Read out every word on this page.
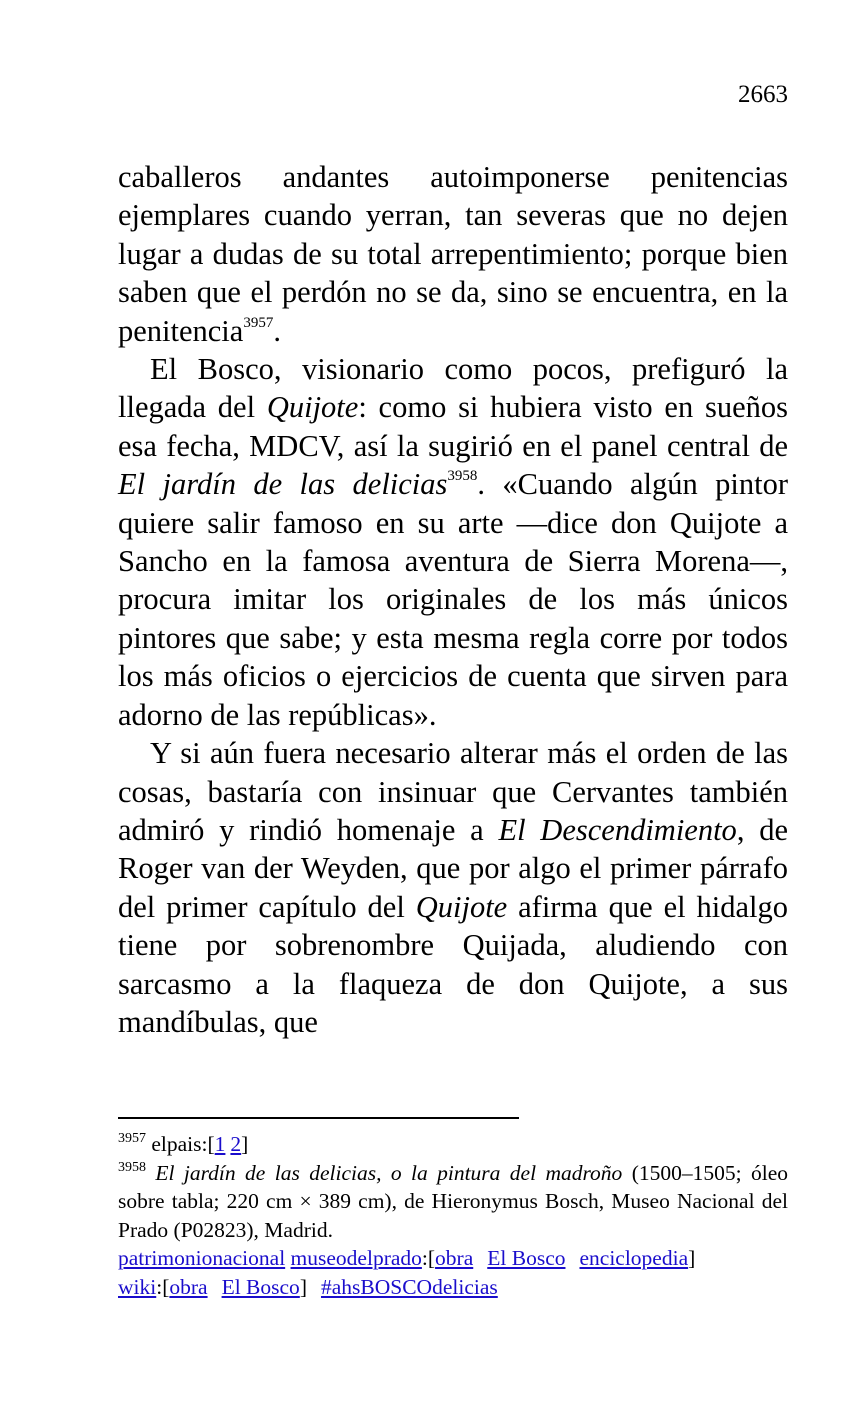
2663

caballeros andantes autoimponerse penitencias ejemplares cuando yerran, tan severas que no dejen lugar a dudas de su total arrepentimiento; porque bien saben que el perdón no se da, sino se encuentra, en la penitencia$^{3957}$.

El Bosco, visionario como pocos, prefiguró la llegada del Quijote: como si hubiera visto en sueños esa fecha, MDCV, así la sugirió en el panel central de El jardín de las delicias$^{3958}$. «Cuando algún pintor quiere salir famoso en su arte —dice don Quijote a Sancho en la famosa aventura de Sierra Morena—, procura imitar los originales de los más únicos pintores que sabe; y esta mesma regla corre por todos los más oficios o ejercicios de cuenta que sirven para adorno de las repúblicas».

Y si aún fuera necesario alterar más el orden de las cosas, bastaría con insinuar que Cervantes también admiró y rindió homenaje a El Descendimiento, de Roger van der Weyden, que por algo el primer párrafo del primer capítulo del Quijote afirma que el hidalgo tiene por sobrenombre Quijada, aludiendo con sarcasmo a la flaqueza de don Quijote, a sus mandíbulas, que

$^{3957}$ elpais:[1 2]

$^{3958}$ El jardín de las delicias, o la pintura del madroño (1500–1505; óleo sobre tabla; 220 cm × 389 cm), de Hieronymus Bosch, Museo Nacional del Prado (P02823), Madrid.

patrimonionacional museodelprado:[obra El Bosco enciclopedia]
wiki:[obra El Bosco] #ahsBOSCOdelicias
